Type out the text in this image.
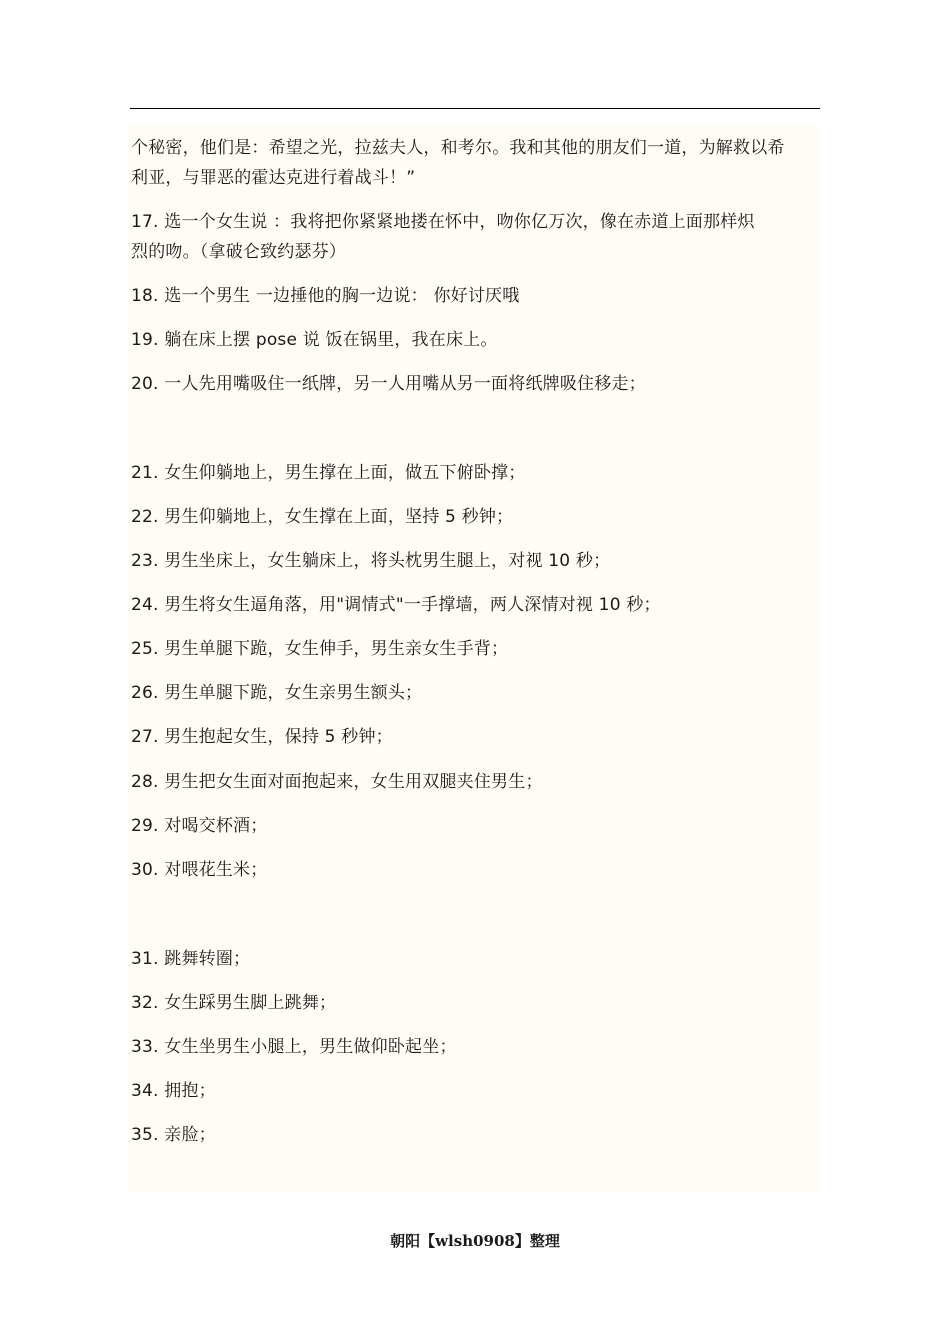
个秘密，他们是：希望之光，拉兹夫人，和考尔。我和其他的朋友们一道，为解救以希
利亚，与罪恶的霍达克进行着战斗！”
17. 选一个女生说 ：我将把你紧紧地搂在怀中，吻你亿万次，像在赤道上面那样炽
烈的吻。（拿破仑致约瑟芬）
18. 选一个男生 一边捶他的胸一边说： 你好讨厌哦
19. 躺在床上摆 pose 说 饭在锅里，我在床上。
20. 一人先用嘴吸住一纸牌，另一人用嘴从另一面将纸牌吸住移走；
21. 女生仰躺地上，男生撑在上面，做五下俯卧撑；
22. 男生仰躺地上，女生撑在上面，坚持 5 秒钟；
23. 男生坐床上，女生躺床上，将头枕男生腿上，对视 10 秒；
24. 男生将女生逼角落，用"调情式"一手撑墙，两人深情对视 10 秒；
25. 男生单腿下跪，女生伸手，男生亲女生手背；
26. 男生单腿下跪，女生亲男生额头；
27. 男生抱起女生，保持 5 秒钟；
28. 男生把女生面对面抱起来，女生用双腿夹住男生；
29. 对喝交杯酒；
30. 对喂花生米；
31. 跳舞转圈；
32. 女生踩男生脚上跳舞；
33. 女生坐男生小腿上，男生做仰卧起坐；
34. 拥抱；
35. 亲脸；
朝阳【wlsh0908】整理
